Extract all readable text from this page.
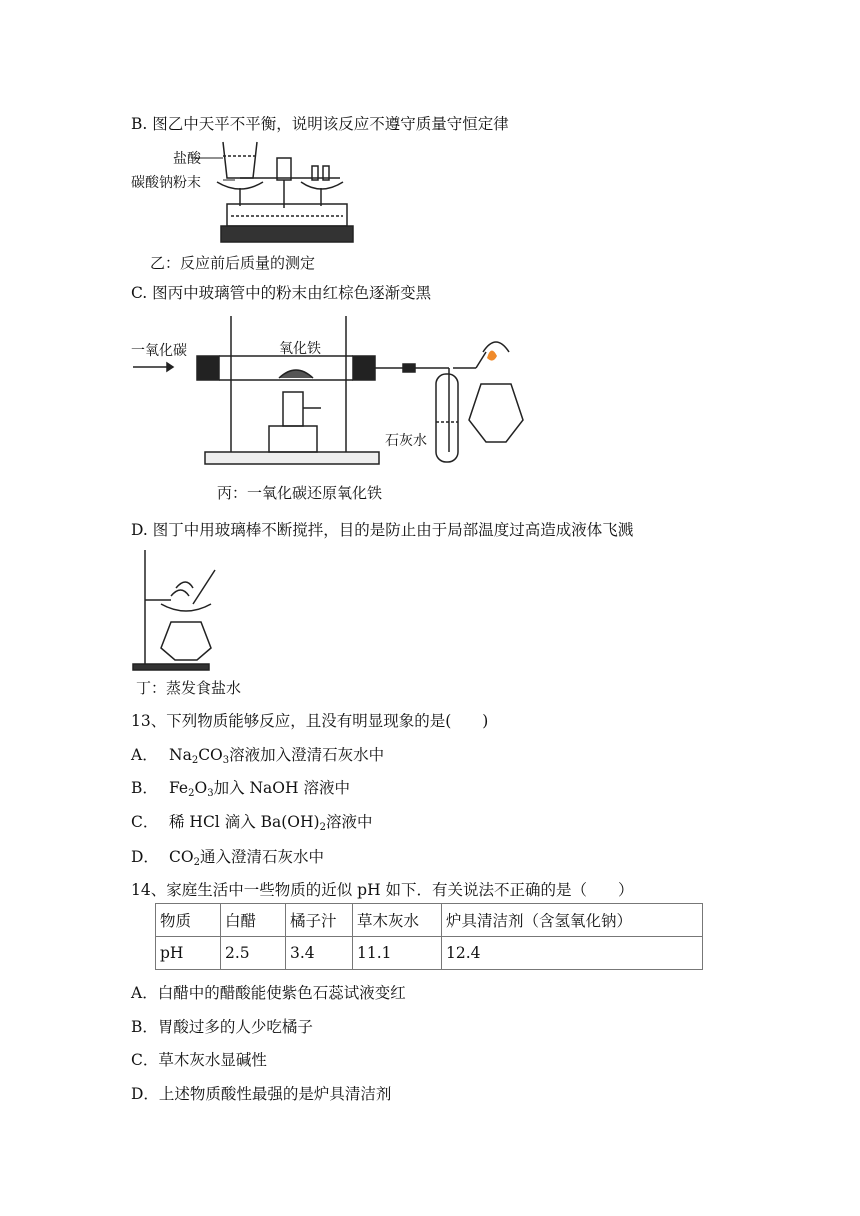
B. 图乙中天平不平衡，说明该反应不遵守质量守恒定律
盐酸
碳酸钠粉末
乙：反应前后质量的测定
C. 图丙中玻璃管中的粉末由红棕色逐渐变黑
一氧化碳	氧化铁
石灰水
丙：一氧化碳还原氧化铁
D. 图丁中用玻璃棒不断搅拌，目的是防止由于局部温度过高造成液体飞溅
丁：蒸发食盐水
13、下列物质能够反应，且没有明显现象的是(　　)
A． $Na_2CO_3$溶液加入澄清石灰水中
B． $Fe_2O_3$加入 NaOH 溶液中
C． 稀 HCl 滴入 $Ba(OH)_2$溶液中
D． $CO_2$通入澄清石灰水中
14、家庭生活中一些物质的近似 pH 如下．有关说法不正确的是（　　）
物质	白醋	橘子汁	草木灰水	炉具清洁剂（含氢氧化钠）
pH	2.5	3.4	11.1	12.4
A．白醋中的醋酸能使紫色石蕊试液变红
B．胃酸过多的人少吃橘子
C．草木灰水显碱性
D．上述物质酸性最强的是炉具清洁剂
